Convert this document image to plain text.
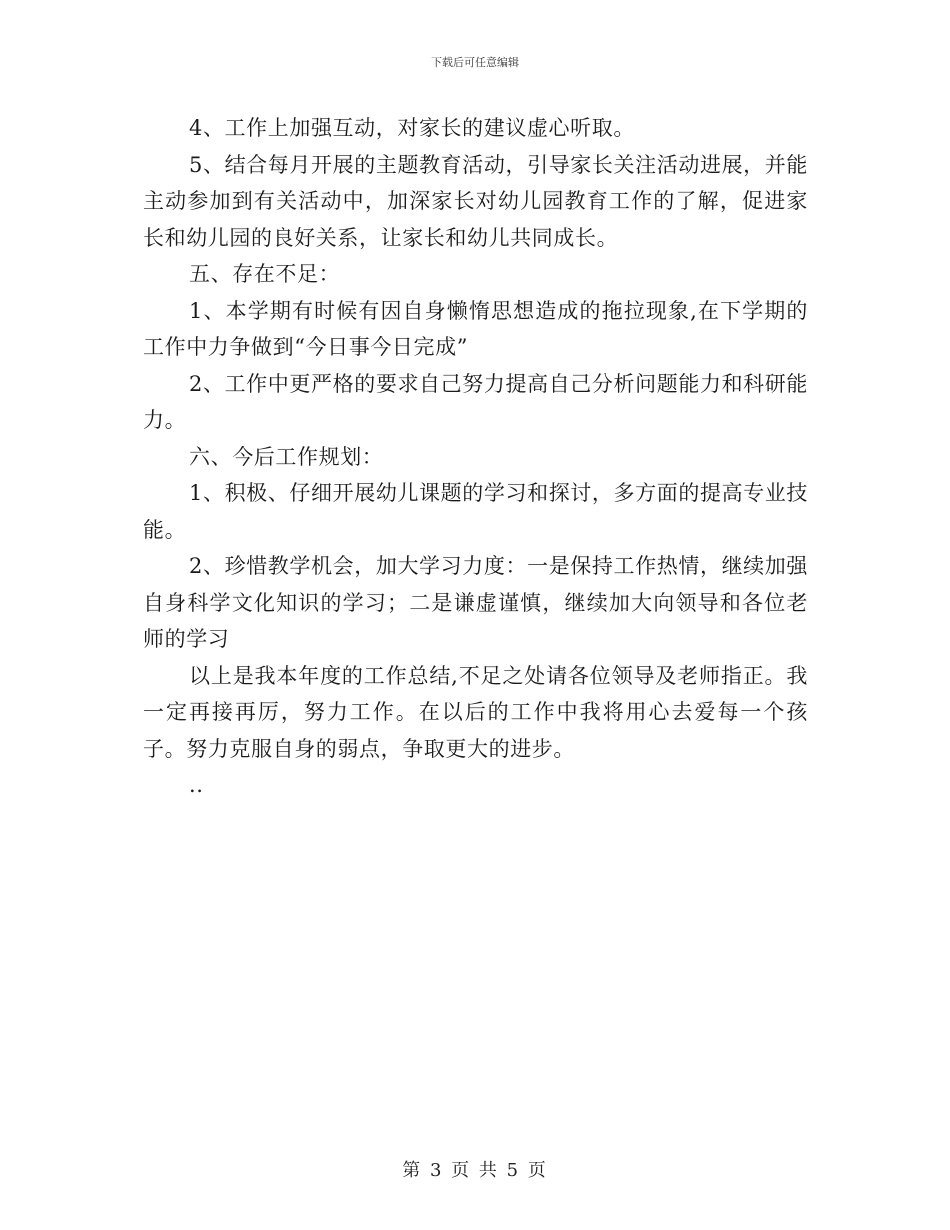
下载后可任意编辑

4、工作上加强互动，对家长的建议虚心听取。

5、结合每月开展的主题教育活动，引导家长关注活动进展，并能主动参加到有关活动中，加深家长对幼儿园教育工作的了解，促进家长和幼儿园的良好关系，让家长和幼儿共同成长。

五、存在不足：

1、本学期有时候有因自身懒惰思想造成的拖拉现象,在下学期的工作中力争做到“今日事今日完成”

2、工作中更严格的要求自己努力提高自己分析问题能力和科研能力。

六、今后工作规划：

1、积极、仔细开展幼儿课题的学习和探讨，多方面的提高专业技能。

2、珍惜教学机会，加大学习力度：一是保持工作热情，继续加强自身科学文化知识的学习；二是谦虚谨慎，继续加大向领导和各位老师的学习

以上是我本年度的工作总结,不足之处请各位领导及老师指正。我一定再接再厉，努力工作。在以后的工作中我将用心去爱每一个孩子。努力克服自身的弱点，争取更大的进步。

..

第 3 页 共 5 页
